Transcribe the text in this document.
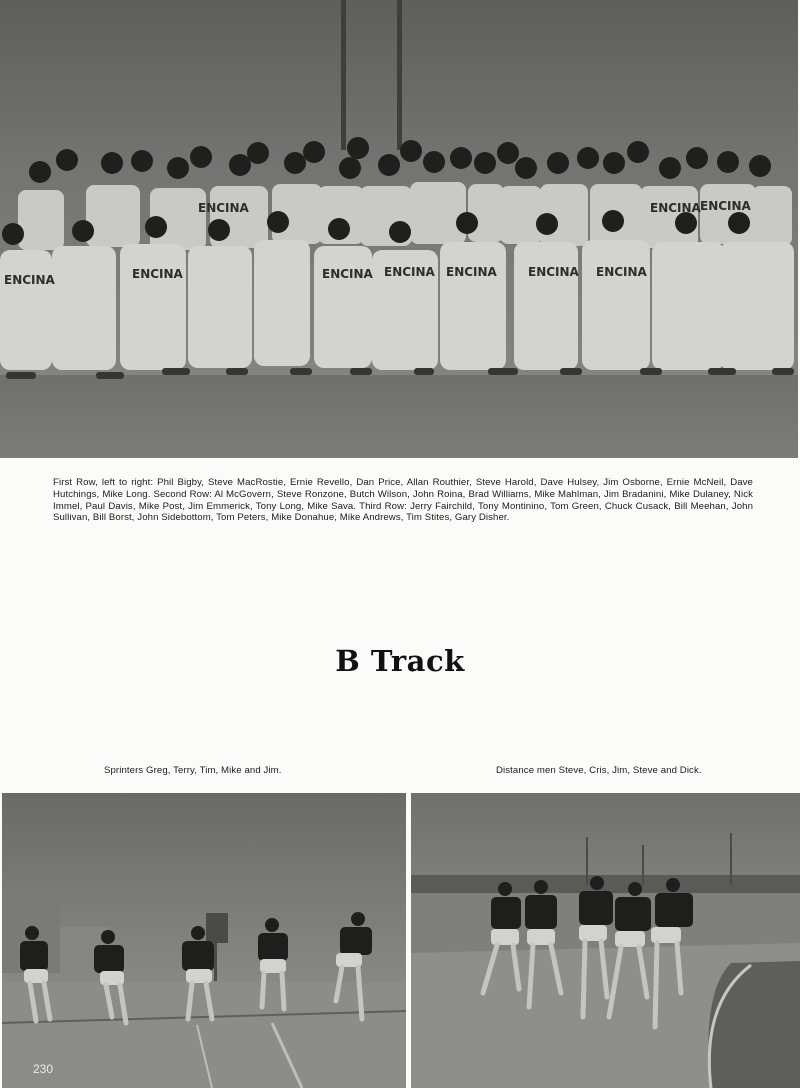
ENCINA	ENCINA
ENCINA
ENCINA ENCINA ENCINA	ENCINA ENCINA
ENCINA ENCINA

First Row, left to right: Phil Bigby, Steve MacRostie, Ernie Revello, Dan Price, Allan Routhier, Steve Harold, Dave Hulsey, Jim Osborne, Ernie McNeil, Dave Hutchings, Mike Long. Second Row: Al McGovern, Steve Ronzone, Butch Wilson, John Roina, Brad Williams, Mike Mahlman, Jim Bradanini, Mike Dulaney, Nick Immel, Paul Davis, Mike Post, Jim Emmerick, Tony Long, Mike Sava. Third Row: Jerry Fairchild, Tony Montinino, Tom Green, Chuck Cusack, Bill Meehan, John Sullivan, Bill Borst, John Sidebottom, Tom Peters, Mike Donahue, Mike Andrews, Tim Stites, Gary Disher.

B Track
Sprinters Greg, Terry, Tim, Mike and Jim.	Distance men Steve, Cris, Jim, Steve and Dick.
230
